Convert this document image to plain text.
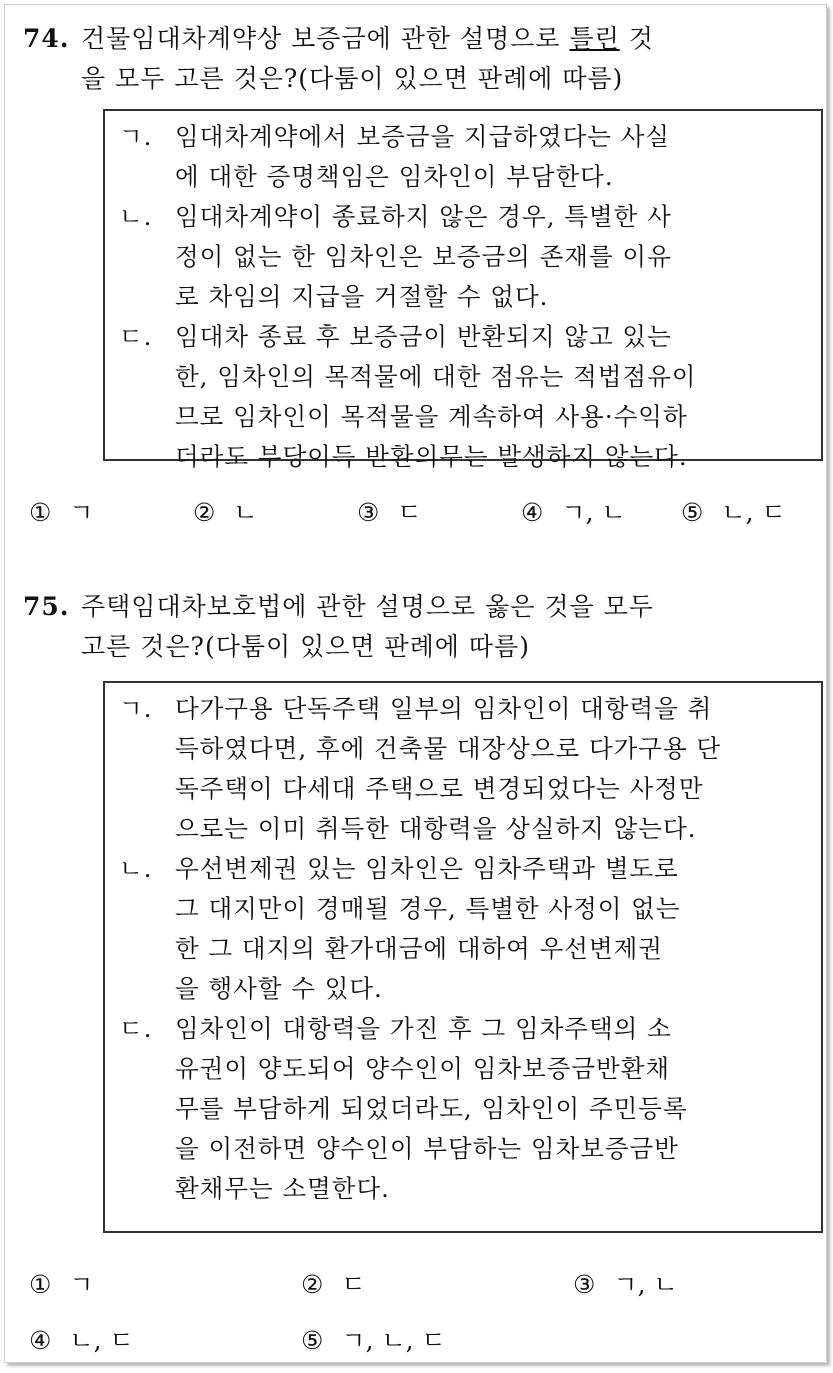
74. 건물임대차계약상 보증금에 관한 설명으로 틀린 것
을 모두 고른 것은?(다툼이 있으면 판례에 따름)
ㄱ. 임대차계약에서 보증금을 지급하였다는 사실
에 대한 증명책임은 임차인이 부담한다.
ㄴ. 임대차계약이 종료하지 않은 경우, 특별한 사
정이 없는 한 임차인은 보증금의 존재를 이유
로 차임의 지급을 거절할 수 없다.
ㄷ. 임대차 종료 후 보증금이 반환되지 않고 있는
한, 임차인의 목적물에 대한 점유는 적법점유이
므로 임차인이 목적물을 계속하여 사용·수익하
더라도 부당이득 반환의무는 발생하지 않는다.
① ㄱ	② ㄴ	③ ㄷ	④ ㄱ, ㄴ ⑤ ㄴ, ㄷ
75. 주택임대차보호법에 관한 설명으로 옳은 것을 모두
고른 것은?(다툼이 있으면 판례에 따름)
ㄱ. 다가구용 단독주택 일부의 임차인이 대항력을 취
득하였다면, 후에 건축물 대장상으로 다가구용 단
독주택이 다세대 주택으로 변경되었다는 사정만
으로는 이미 취득한 대항력을 상실하지 않는다.
ㄴ. 우선변제권 있는 임차인은 임차주택과 별도로
그 대지만이 경매될 경우, 특별한 사정이 없는
한 그 대지의 환가대금에 대하여 우선변제권
을 행사할 수 있다.
ㄷ. 임차인이 대항력을 가진 후 그 임차주택의 소
유권이 양도되어 양수인이 임차보증금반환채
무를 부담하게 되었더라도, 임차인이 주민등록
을 이전하면 양수인이 부담하는 임차보증금반
환채무는 소멸한다.
① ㄱ	② ㄷ	③ ㄱ, ㄴ
④ ㄴ, ㄷ	⑤ ㄱ, ㄴ, ㄷ
